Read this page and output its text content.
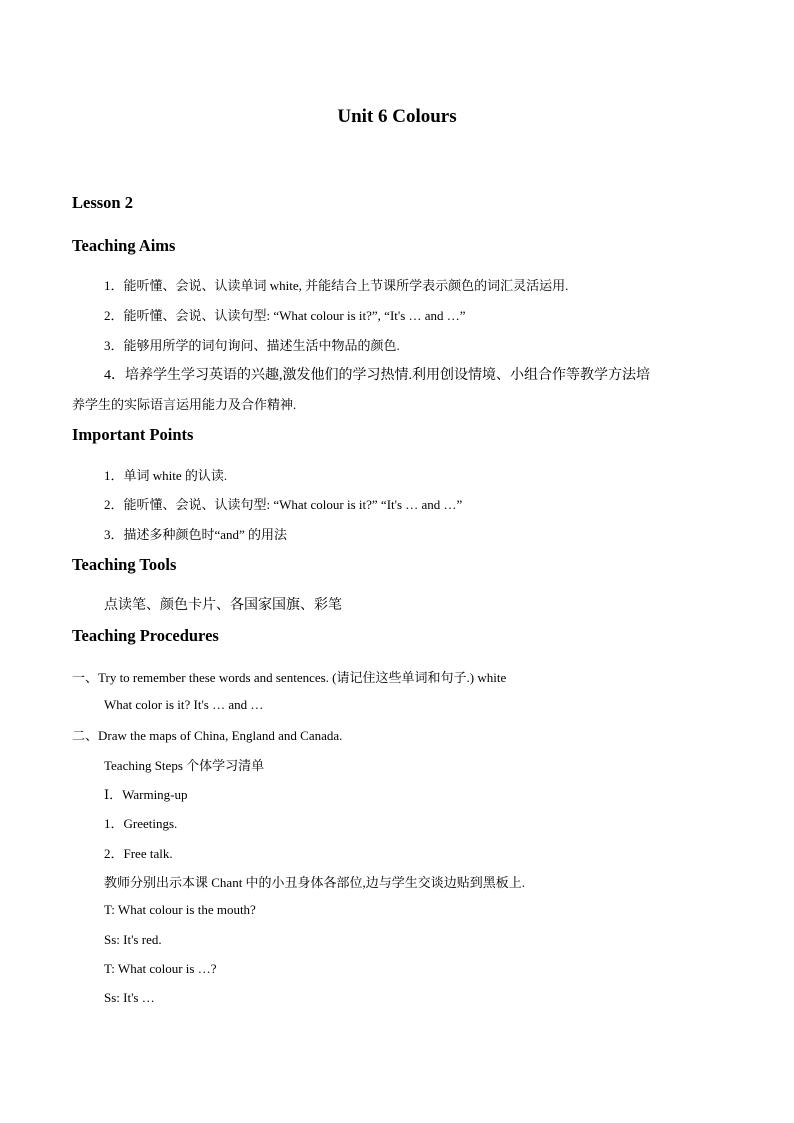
Unit 6 Colours
Lesson 2
Teaching Aims
1．能听懂、会说、认读单词 white, 并能结合上节课所学表示颜色的词汇灵活运用.
2．能听懂、会说、认读句型: “What colour is it?”, “It's … and …”
3．能够用所学的词句询问、描述生活中物品的颜色.
4．培养学生学习英语的兴趣,激发他们的学习热情.利用创设情境、小组合作等教学方法培
养学生的实际语言运用能力及合作精神.
Important Points
1．单词 white 的认读.
2．能听懂、会说、认读句型: “What colour is it?” “It's … and …”
3．描述多种颜色时“and” 的用法
Teaching Tools
点读笔、颜色卡片、各国家国旗、彩笔
Teaching Procedures
一、Try to remember these words and sentences. (请记住这些单词和句子.) white
What color is it? It's … and …
二、Draw the maps of China, England and Canada.
Teaching Steps 个体学习清单
Ⅰ．Warming-up
1．Greetings.
2．Free talk.
教师分别出示本课 Chant 中的小丑身体各部位,边与学生交谈边贴到黑板上.
T: What colour is the mouth?
Ss: It's red.
T: What colour is …?
Ss: It's …
